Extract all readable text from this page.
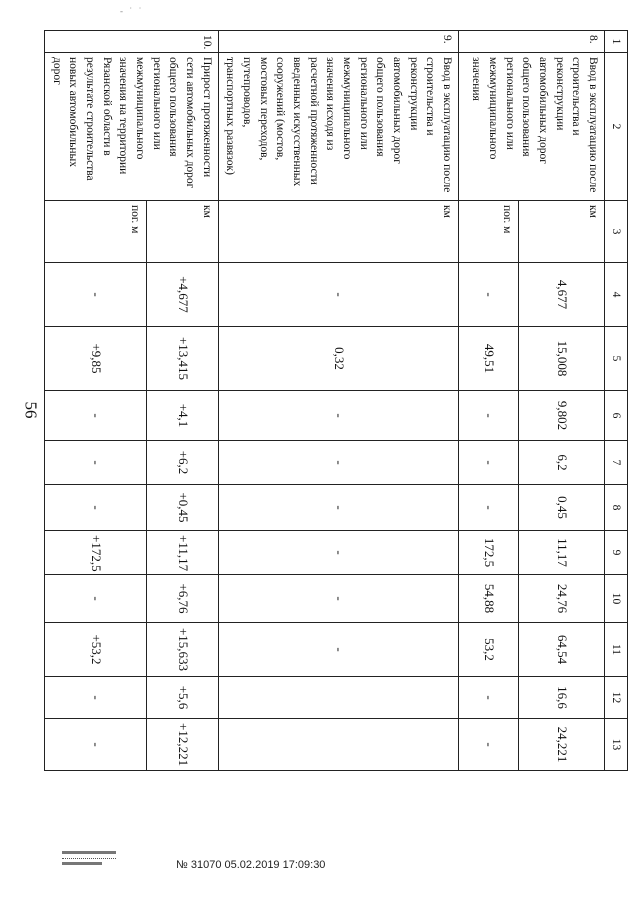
- ˙ ˙
56
1	2	3	4	5	6	7	8	9	10	11	12	13
8.	Ввод в эксплуатацию после строительства и реконструкции автомобильных дорог общего пользования регионального или межмуниципального значения	км	4,677	15,008	9,802	6,2	0,45	11,17	24,76	64,54	16,6	24,221
		пог. м	-	49,51	-	-	-	172,5	54,88	53,2	-	-
9.	Ввод в эксплуатацию после строительства и реконструкции автомобильных дорог общего пользования регионального или межмуниципального значения исходя из расчетной протяженности введенных искусственных сооружений (мостов, мостовых переходов, путепроводов, транспортных развязок)	км	-	0,32	-	-	-	-	-	-		
10.	Прирост протяженности сети автомобильных дорог общего пользования регионального или межмуниципального значения на территории Рязанской области в результате строительства новых автомобильных дорог	км	+4,677	+13,415	+4,1	+6,2	+0,45	+11,17	+6,76	+15,633	+5,6	+12,221
		пог. м	-	+9,85	-	-	-	+172,5	-	+53,2	-	-
№ 31070 05.02.2019 17:09:30
